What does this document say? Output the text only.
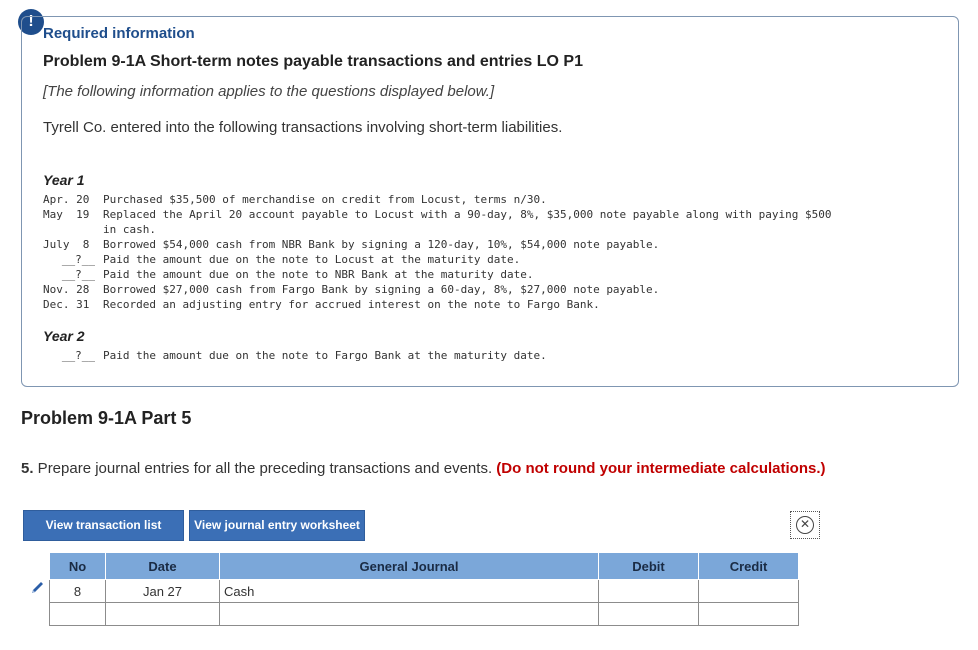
!
Required information
Problem 9-1A Short-term notes payable transactions and entries LO P1
[The following information applies to the questions displayed below.]
Tyrell Co. entered into the following transactions involving short-term liabilities.
Year 1
Apr. 20	Purchased $35,500 of merchandise on credit from Locust, terms n/30.
May  19	Replaced the April 20 account payable to Locust with a 90-day, 8%, $35,000 note payable along with paying $500
in cash.
July  8	Borrowed $54,000 cash from NBR Bank by signing a 120-day, 10%, $54,000 note payable.
__?__ Paid the amount due on the note to Locust at the maturity date.
__?__ Paid the amount due on the note to NBR Bank at the maturity date.
Nov. 28	Borrowed $27,000 cash from Fargo Bank by signing a 60-day, 8%, $27,000 note payable.
Dec. 31	Recorded an adjusting entry for accrued interest on the note to Fargo Bank.
Year 2
__?__ Paid the amount due on the note to Fargo Bank at the maturity date.
Problem 9-1A Part 5
5. Prepare journal entries for all the preceding transactions and events. (Do not round your intermediate calculations.)
View transaction list	View journal entry worksheet	✕
No	Date	General Journal	Debit	Credit
8	Jan 27	Cash		
